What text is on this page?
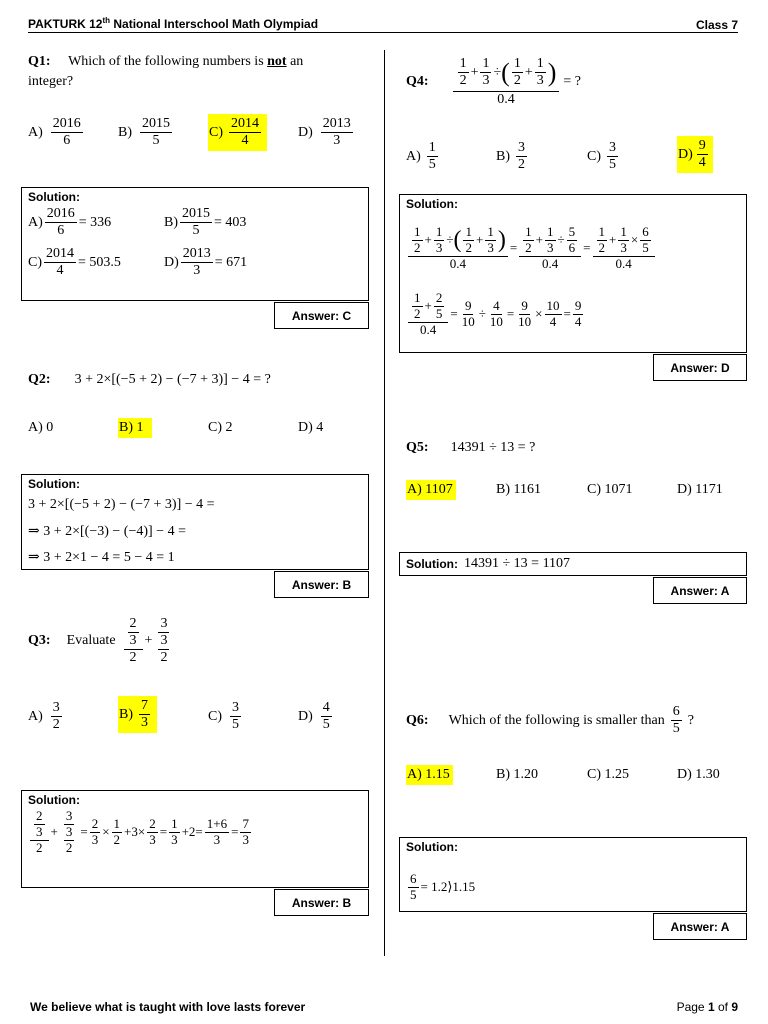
PAKTURK 12th National Interschool Math Olympiad	Class 7
Q1: Which of the following numbers is not an
integer?
$A) \frac{2016}{6}$	$B) \frac{2015}{5}$	$C) \frac{2014}{4}$	$D) \frac{2013}{3}$
Solution:
$A) \frac{2016}{6} = 336$	$B) \frac{2015}{5} = 403$
$C) \frac{2014}{4} = 503.5$	$D) \frac{2013}{3} = 671$
Answer: C
Q2: 3 + 2×[(−5 + 2) − (−7 + 3)] − 4 = ?
A) 0	B) 1	C) 2	D) 4
Solution:
3 + 2×[(−5 + 2) − (−7 + 3)] − 4 =
⇒ 3 + 2×[(−3) − (−4)] − 4 =
⇒ 3 + 2×1 − 4 = 5 − 4 = 1
Answer: B
Q3: Evaluate $\frac{\frac{2}{3}}{2} + \frac{3}{\frac{3}{2}}$
$A) \frac{3}{2}$	$B) \frac{7}{3}$	$C) \frac{3}{5}$	$D) \frac{4}{5}$
Solution:
$\frac{\frac{2}{3}}{2} + \frac{3}{\frac{3}{2}} = \frac{2}{3} \times \frac{1}{2} + 3\times \frac{2}{3} = \frac{1}{3} + 2 = \frac{1+6}{3} = \frac{7}{3}$
Answer: B
Q4: $\frac{1}{2} + \frac{1}{3}$ ÷ ( $\frac{1}{2} + \frac{1}{3}$ )
0.4
= ?
$A) \frac{1}{5}$	$B) \frac{3}{2}$	$C) \frac{3}{5}$	$D) \frac{9}{4}$
Solution:
$\frac{1}{2} + \frac{1}{3}$ ÷ ( $\frac{1}{2} + \frac{1}{3}$ )
0.4
= $\frac{\frac{1}{2} + \frac{1}{3} \div \frac{5}{6}}{0.4} = \frac{\frac{1}{2} + \frac{1}{3} \times \frac{6}{5}}{0.4}$
$\frac{\frac{1}{2} + \frac{2}{5}}{0.4} = \frac{9}{10} \div \frac{4}{10} = \frac{9}{10} \times \frac{10}{4} = \frac{9}{4}$
Answer: D
Q5: 14391 ÷ 13 = ?
A) 1107	B) 1161	C) 1071	D) 1171
Solution: 14391 ÷ 13 = 1107
Answer: A
Q6: Which of the following is smaller than $\frac{6}{5}$ ?
A) 1.15	B) 1.20	C) 1.25	D) 1.30
Solution:
$\frac{6}{5}$ = 1.2⟩1.15
Answer: A
We believe what is taught with love lasts forever	Page 1 of 9
